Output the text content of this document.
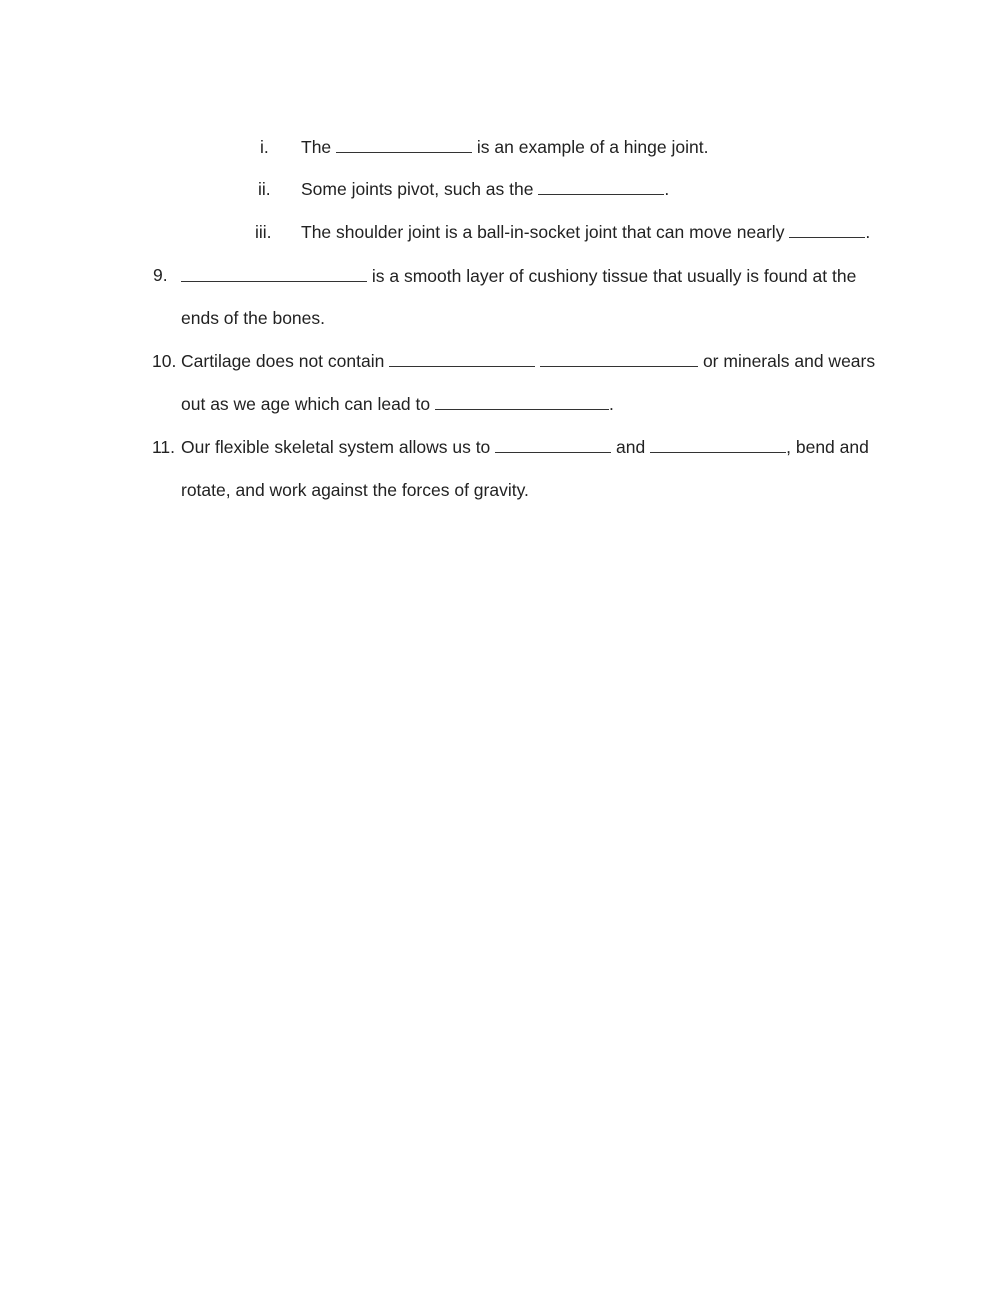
i. The	is an example of a hinge joint.
ii. Some joints pivot, such as the	.
iii. The shoulder joint is a ball-in-socket joint that can move nearly	.
9.	is a smooth layer of cushiony tissue that usually is found at the
ends of the bones.
10. Cartilage does not contain	or minerals and wears
out as we age which can lead to	.
11. Our flexible skeletal system allows us to	and	, bend and
rotate, and work against the forces of gravity.
